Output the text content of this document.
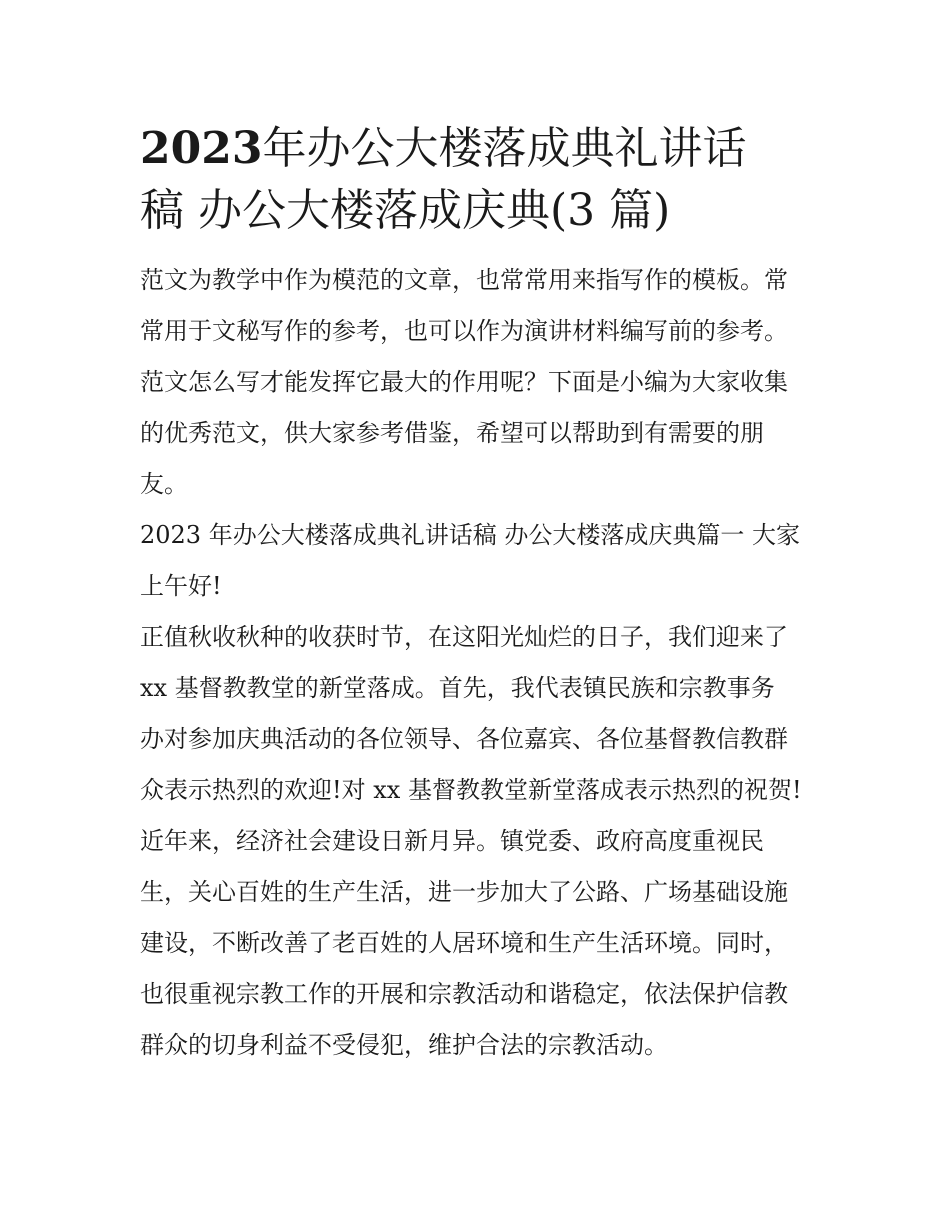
2023年办公大楼落成典礼讲话
稿 办公大楼落成庆典(3 篇)

范文为教学中作为模范的文章，也常常用来指写作的模板。常
常用于文秘写作的参考，也可以作为演讲材料编写前的参考。
范文怎么写才能发挥它最大的作用呢？下面是小编为大家收集
的优秀范文，供大家参考借鉴，希望可以帮助到有需要的朋
友。

2023 年办公大楼落成典礼讲话稿 办公大楼落成庆典篇一 大家
上午好!

正值秋收秋种的收获时节，在这阳光灿烂的日子，我们迎来了
xx 基督教教堂的新堂落成。首先，我代表镇民族和宗教事务
办对参加庆典活动的各位领导、各位嘉宾、各位基督教信教群
众表示热烈的欢迎!对 xx 基督教教堂新堂落成表示热烈的祝贺!
近年来，经济社会建设日新月异。镇党委、政府高度重视民
生，关心百姓的生产生活，进一步加大了公路、广场基础设施
建设，不断改善了老百姓的人居环境和生产生活环境。同时，
也很重视宗教工作的开展和宗教活动和谐稳定，依法保护信教
群众的切身利益不受侵犯，维护合法的宗教活动。
